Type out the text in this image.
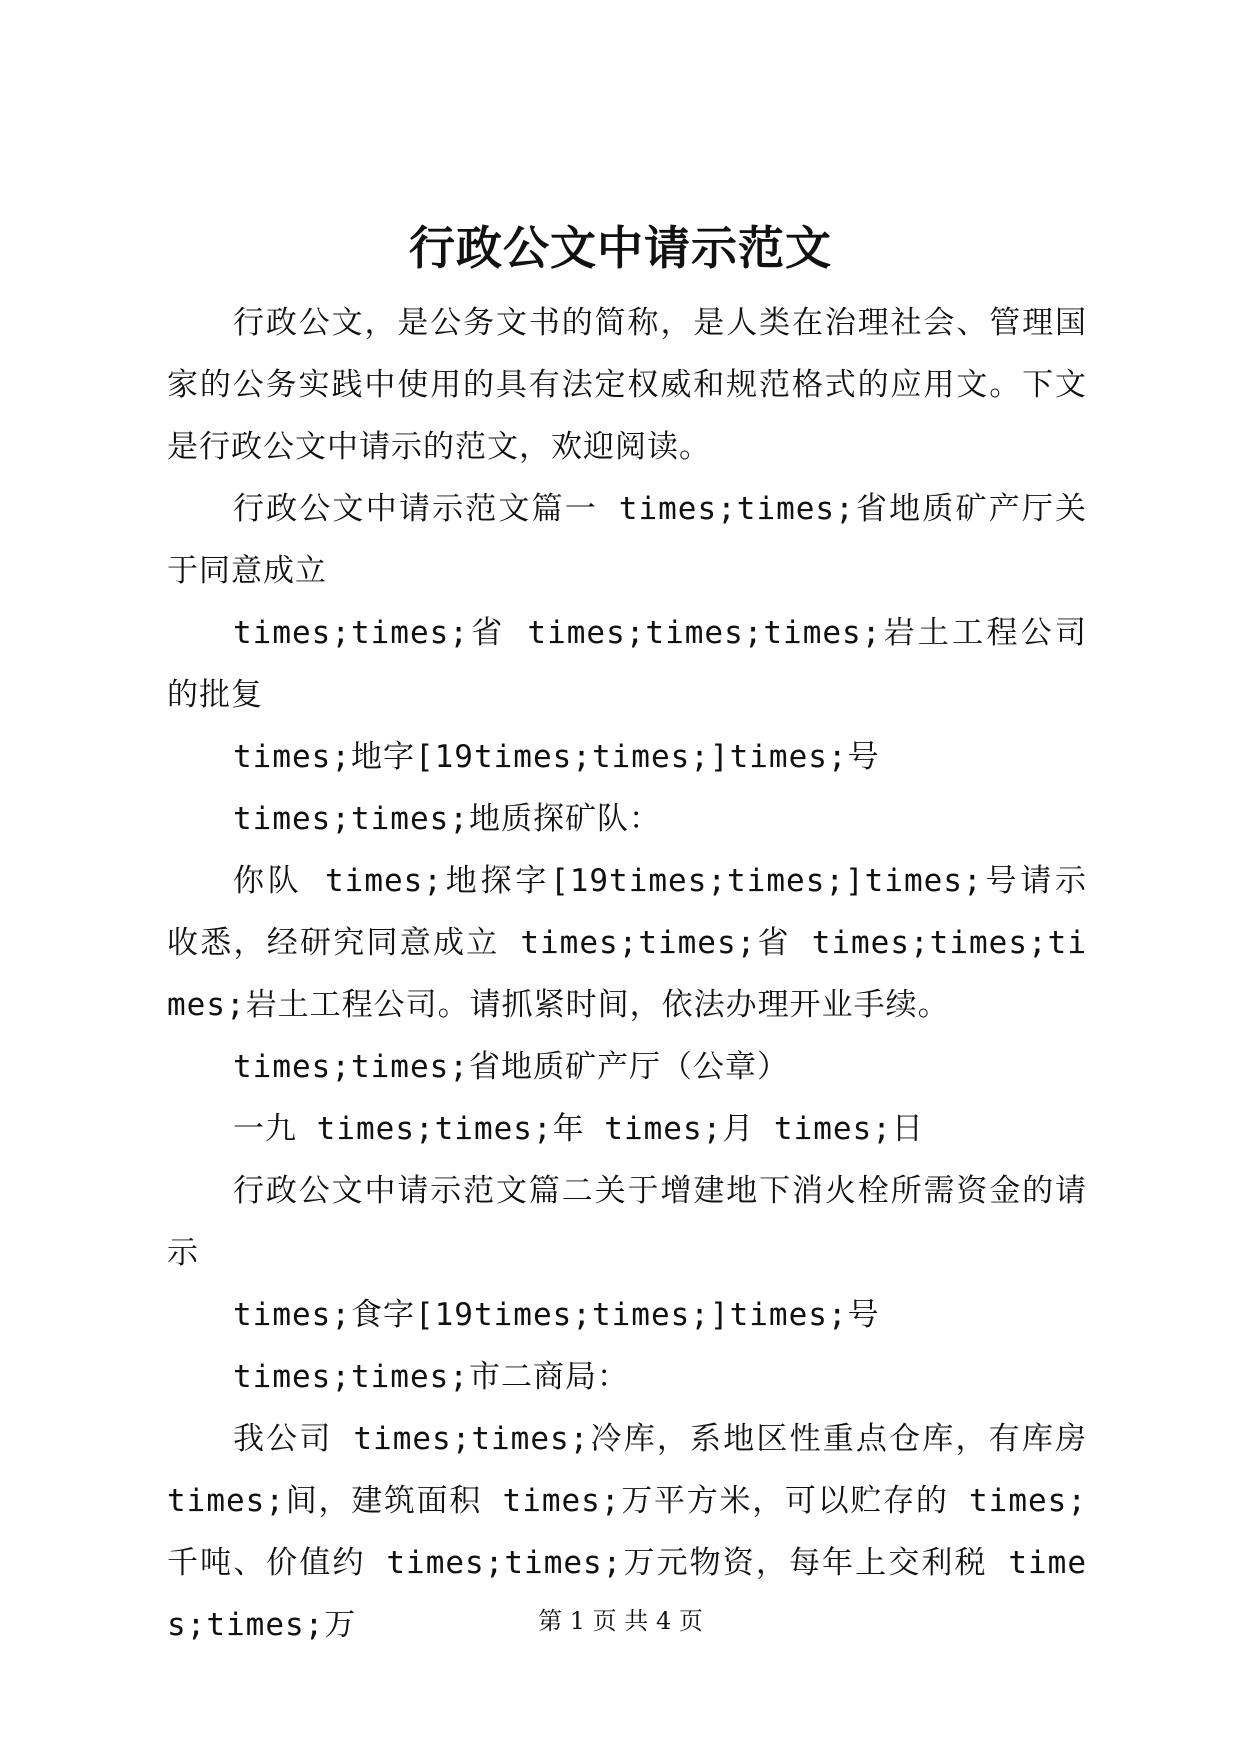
行政公文中请示范文

行政公文，是公务文书的简称，是人类在治理社会、管理国家的公务实践中使用的具有法定权威和规范格式的应用文。下文是行政公文中请示的范文，欢迎阅读。

行政公文中请示范文篇一 times;times;省地质矿产厅关于同意成立

times;times;省 times;times;times;岩土工程公司的批复

times;地字[19times;times;]times;号

times;times;地质探矿队：

你队 times;地探字[19times;times;]times;号请示收悉，经研究同意成立 times;times;省 times;times;times;岩土工程公司。请抓紧时间，依法办理开业手续。

times;times;省地质矿产厅（公章）

一九 times;times;年 times;月 times;日

行政公文中请示范文篇二关于增建地下消火栓所需资金的请示

times;食字[19times;times;]times;号

times;times;市二商局：

我公司 times;times;冷库，系地区性重点仓库，有库房 times;间，建筑面积 times;万平方米，可以贮存的 times;千吨、价值约 times;times;万元物资，每年上交利税 times;times;万	第 1 页 共 4 页
